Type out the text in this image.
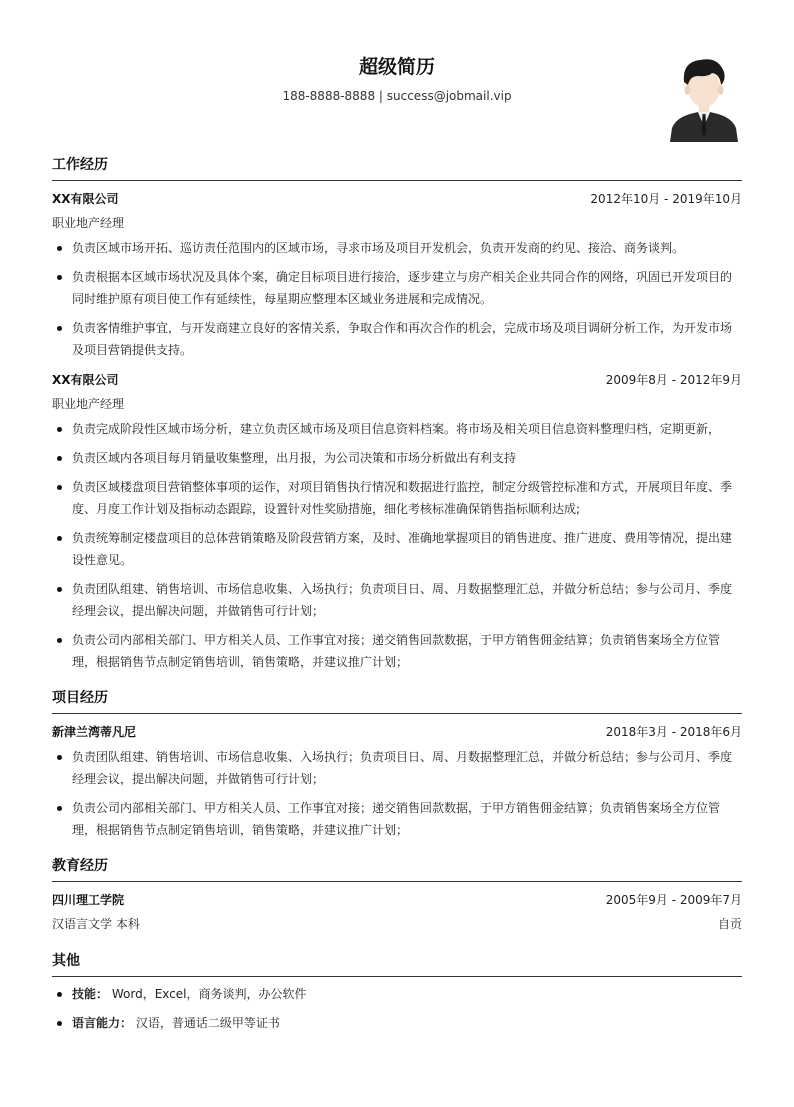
超级简历
188-8888-8888 | success@jobmail.vip
工作经历
XX有限公司	2012年10月 - 2019年10月
职业地产经理
负责区域市场开拓、巡访责任范围内的区域市场，寻求市场及项目开发机会，负责开发商的约见、接洽、商务谈判。
负责根据本区域市场状况及具体个案，确定目标项目进行接洽，逐步建立与房产相关企业共同合作的网络，巩固已开发项目的同时维护原有项目使工作有延续性，每星期应整理本区域业务进展和完成情况。
负责客情维护事宜，与开发商建立良好的客情关系，争取合作和再次合作的机会，完成市场及项目调研分析工作，为开发市场及项目营销提供支持。
XX有限公司	2009年8月 - 2012年9月
职业地产经理
负责完成阶段性区域市场分析，建立负责区域市场及项目信息资料档案。将市场及相关项目信息资料整理归档，定期更新，
负责区域内各项目每月销量收集整理，出月报，为公司决策和市场分析做出有利支持
负责区域楼盘项目营销整体事项的运作，对项目销售执行情况和数据进行监控，制定分级管控标准和方式，开展项目年度、季度、月度工作计划及指标动态跟踪，设置针对性奖励措施，细化考核标准确保销售指标顺利达成;
负责统筹制定楼盘项目的总体营销策略及阶段营销方案，及时、准确地掌握项目的销售进度、推广进度、费用等情况，提出建设性意见。
负责团队组建、销售培训、市场信息收集、入场执行；负责项目日、周、月数据整理汇总，并做分析总结；参与公司月、季度经理会议，提出解决问题，并做销售可行计划；
负责公司内部相关部门、甲方相关人员、工作事宜对接；递交销售回款数据，于甲方销售佣金结算；负责销售案场全方位管理，根据销售节点制定销售培训，销售策略，并建议推广计划；
项目经历
新津兰湾蒂凡尼	2018年3月 - 2018年6月
负责团队组建、销售培训、市场信息收集、入场执行；负责项目日、周、月数据整理汇总，并做分析总结；参与公司月、季度经理会议，提出解决问题，并做销售可行计划；
负责公司内部相关部门、甲方相关人员、工作事宜对接；递交销售回款数据，于甲方销售佣金结算；负责销售案场全方位管理，根据销售节点制定销售培训，销售策略，并建议推广计划；
教育经历
四川理工学院	2005年9月 - 2009年7月
汉语言文学 本科	自贡
其他
技能： Word，Excel，商务谈判，办公软件
语言能力： 汉语，普通话二级甲等证书
